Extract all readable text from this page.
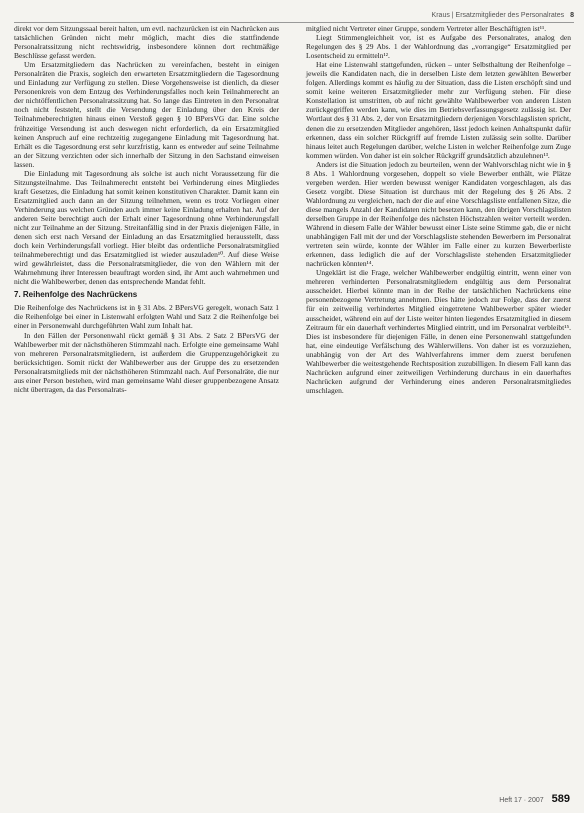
Kraus | Ersatzmitglieder des Personalrates 8

direkt vor dem Sitzungssaal bereit halten, um evtl. nachzurücken ist ein Nachrücken aus tatsächlichen Gründen nicht mehr möglich, macht dies die stattfindende Personalratssitzung nicht rechtswidrig, insbesondere können dort rechtmäßige Beschlüsse gefasst werden.

Um Ersatzmitgliedern das Nachrücken zu vereinfachen, besteht in einigen Personalräten die Praxis, sogleich den erwarteten Ersatzmitgliedern die Tagesordnung und Einladung zur Verfügung zu stellen. Diese Vorgehensweise ist dienlich, da dieser Personenkreis von dem Entzug des Verhinderungsfalles noch kein Teilnahmerecht an der nichtöffentlichen Personalratssitzung hat. So lange das Eintreten in den Personalrat noch nicht feststeht, stellt die Versendung der Einladung über den Kreis der Teilnahmeberechtigten hinaus einen Verstoß gegen § 10 BPersVG dar. Eine solche frühzeitige Versendung ist auch deswegen nicht erforderlich, da ein Ersatzmitglied keinen Anspruch auf eine rechtzeitig zugegangene Einladung mit Tagesordnung hat. Erhält es die Tagesordnung erst sehr kurzfristig, kann es entweder auf seine Teilnahme an der Sitzung verzichten oder sich innerhalb der Sitzung in den Sachstand einweisen lassen.

Die Einladung mit Tagesordnung als solche ist auch nicht Voraussetzung für die Sitzungsteilnahme. Das Teilnahmerecht entsteht bei Verhinderung eines Mitgliedes kraft Gesetzes, die Einladung hat somit keinen konstitutiven Charakter. Damit kann ein Ersatzmitglied auch dann an der Sitzung teilnehmen, wenn es trotz Vorliegen einer Verhinderung aus welchen Gründen auch immer keine Einladung erhalten hat. Auf der anderen Seite berechtigt auch der Erhalt einer Tagesordnung ohne Verhinderungsfall nicht zur Teilnahme an der Sitzung. Streitanfällig sind in der Praxis diejenigen Fälle, in denen sich erst nach Versand der Einladung an das Ersatzmitglied herausstellt, dass doch kein Verhinderungsfall vorliegt. Hier bleibt das ordentliche Personalratsmitglied teilnahmeberechtigt und das Ersatzmitglied ist wieder auszuladen¹⁰. Auf diese Weise wird gewährleistet, dass die Personalratsmitglieder, die von den Wählern mit der Wahrnehmung ihrer Interessen beauftragt worden sind, ihr Amt auch wahrnehmen und nicht die Wahlbewerber, denen das entsprechende Mandat fehlt.

7. Reihenfolge des Nachrückens

Die Reihenfolge des Nachrückens ist in § 31 Abs. 2 BPersVG geregelt, wonach Satz 1 die Reihenfolge bei einer in Listenwahl erfolgten Wahl und Satz 2 die Reihenfolge bei einer in Personenwahl durchgeführten Wahl zum Inhalt hat.

In den Fällen der Personenwahl rückt gemäß § 31 Abs. 2 Satz 2 BPersVG der Wahlbewerber mit der nächsthöheren Stimmzahl nach. Erfolgte eine gemeinsame Wahl von mehreren Personalratsmitgliedern, ist außerdem die Gruppenzugehörigkeit zu berücksichtigen. Somit rückt der Wahlbewerber aus der Gruppe des zu ersetzenden Personalratsmitglieds mit der nächsthöheren Stimmzahl nach. Auf Personalräte, die nur aus einer Person bestehen, wird man gemeinsame Wahl dieser gruppenbezogene Ansatz nicht übertragen, da das Personalrats-

mitglied nicht Vertreter einer Gruppe, sondern Vertreter aller Beschäftigten ist¹¹.

Liegt Stimmengleichheit vor, ist es Aufgabe des Personalrates, analog den Regelungen des § 29 Abs. 1 der Wahlordnung das „vorrangige“ Ersatzmitglied per Losentscheid zu ermitteln¹².

Hat eine Listenwahl stattgefunden, rücken – unter Selbsthaltung der Reihenfolge – jeweils die Kandidaten nach, die in derselben Liste dem letzten gewählten Bewerber folgen. Allerdings kommt es häufig zu der Situation, dass die Listen erschöpft sind und somit keine weiteren Ersatzmitglieder mehr zur Verfügung stehen. Für diese Konstellation ist umstritten, ob auf nicht gewählte Wahlbewerber von anderen Listen zurückgegriffen werden kann, wie dies im Betriebsverfassungsgesetz zulässig ist. Der Wortlaut des § 31 Abs. 2, der von Ersatzmitgliedern derjenigen Vorschlagslisten spricht, denen die zu ersetzenden Mitglieder angehören, lässt jedoch keinen Anhaltspunkt dafür erkennen, dass ein solcher Rückgriff auf fremde Listen zulässig sein sollte. Darüber hinaus leitet auch Regelungen darüber, welche Listen in welcher Reihenfolge zum Zuge kommen würden. Von daher ist ein solcher Rückgriff grundsätzlich abzulehnen¹³.

Anders ist die Situation jedoch zu beurteilen, wenn der Wahlvorschlag nicht wie in § 8 Abs. 1 Wahlordnung vorgesehen, doppelt so viele Bewerber enthält, wie Plätze vergeben werden. Hier werden bewusst weniger Kandidaten vorgeschlagen, als das Gesetz vorgibt. Diese Situation ist durchaus mit der Regelung des § 26 Abs. 2 Wahlordnung zu vergleichen, nach der die auf eine Vorschlagsliste entfallenen Sitze, die diese mangels Anzahl der Kandidaten nicht besetzen kann, den übrigen Vorschlagslisten derselben Gruppe in der Reihenfolge des nächsten Höchstzahlen weiter verteilt werden. Während in diesem Falle der Wähler bewusst einer Liste seine Stimme gab, die er nicht unabhängigen Fall mit der und der Vorschlagsliste stehenden Bewerbern im Personalrat vertreten sein würde, konnte der Wähler im Falle einer zu kurzen Bewerberliste erkennen, dass lediglich die auf der Vorschlagsliste stehenden Ersatzmitglieder nachrücken könnten¹⁴.

Ungeklärt ist die Frage, welcher Wahlbewerber endgültig eintritt, wenn einer von mehreren verhinderten Personalratsmitgliedern endgültig aus dem Personalrat ausscheidet. Hierbei könnte man in der Reihe der tatsächlichen Nachrückens eine personenbezogene Vertretung annehmen. Dies hätte jedoch zur Folge, dass der zuerst für ein zeitweilig verhindertes Mitglied eingetretene Wahlbewerber später wieder ausscheidet, während ein auf der Liste weiter hinten liegendes Ersatzmitglied in diesem Zeitraum für ein dauerhaft verhindertes Mitglied eintritt, und im Personalrat verbleibt¹⁵. Dies ist insbesondere für diejenigen Fälle, in denen eine Personenwahl stattgefunden hat, eine eindeutige Verfälschung des Wählerwillens. Von daher ist es vorzuziehen, unabhängig von der Art des Wahlverfahrens immer dem zuerst berufenen Wahlbewerber die weitestgehende Rechtsposition zuzubilligen. In diesem Fall kann das Nachrücken aufgrund einer zeitweiligen Verhinderung durchaus in ein dauerhaftes Nachrücken aufgrund der Verhinderung eines anderen Personalratsmitgliedes umschlagen.

Heft 17 · 2007 589
